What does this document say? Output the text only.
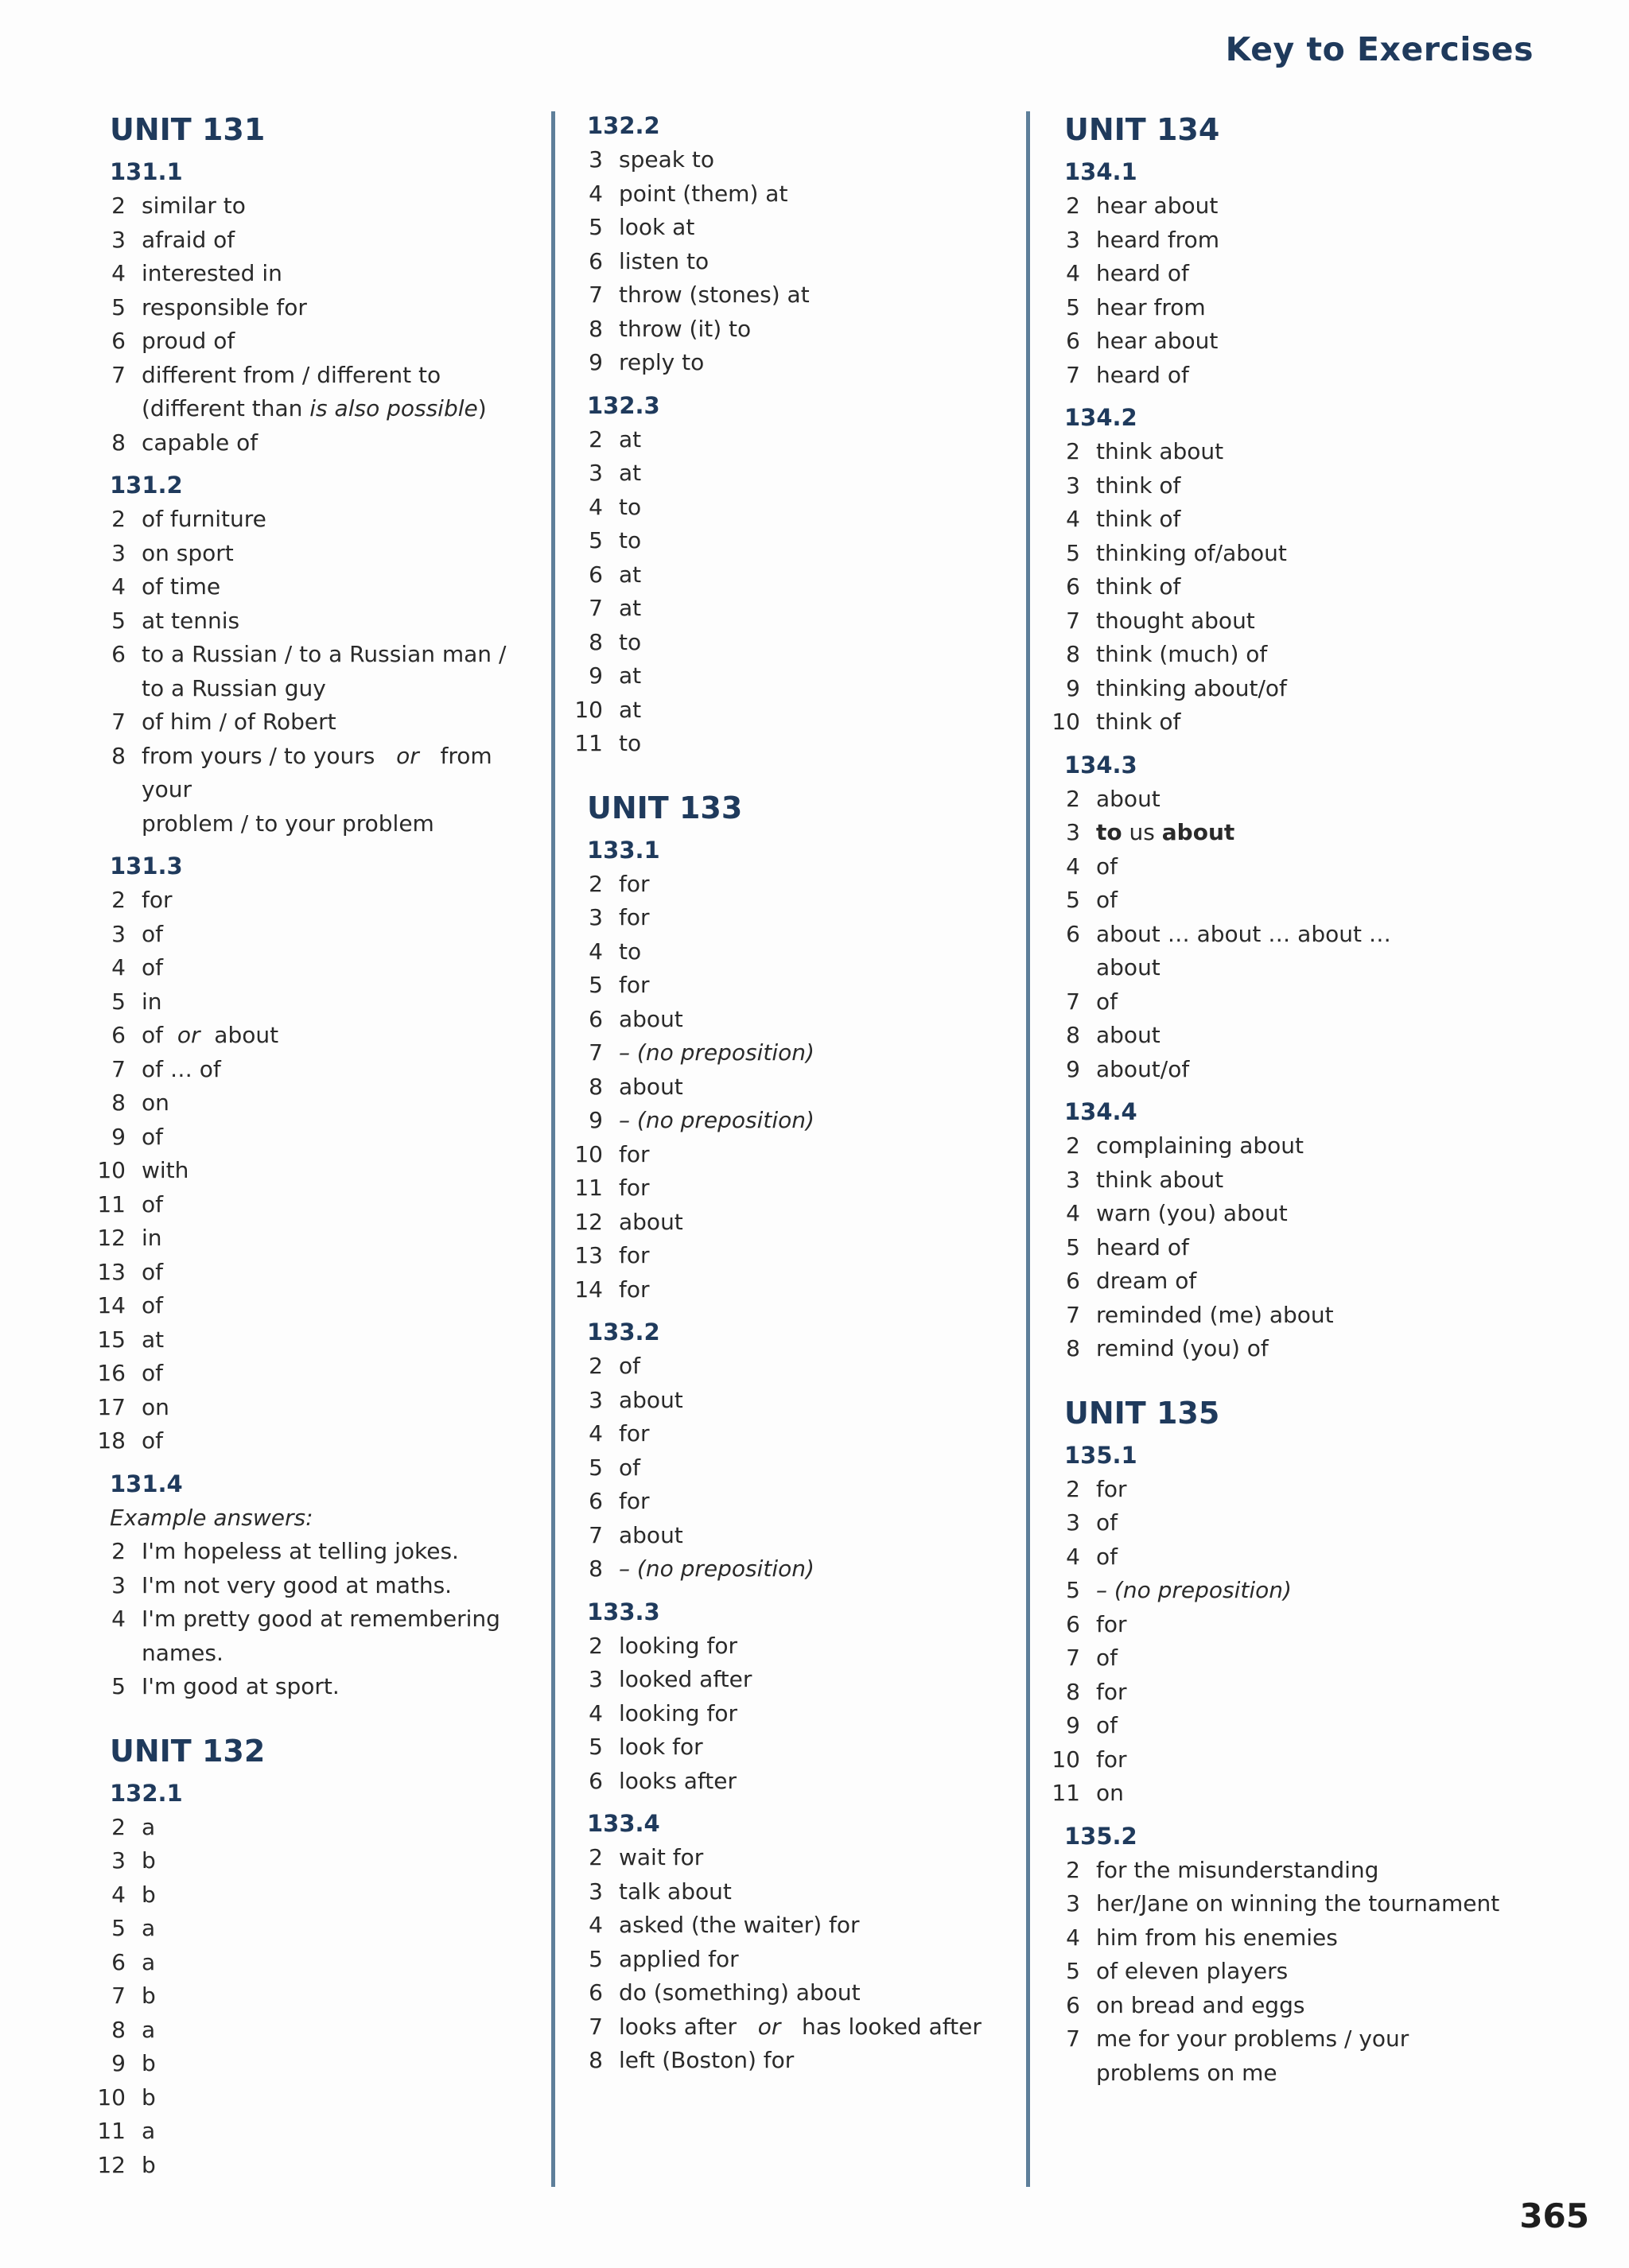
Key to Exercises
UNIT 131
131.1
2 similar to
3 afraid of
4 interested in
5 responsible for
6 proud of
7 different from / different to
(different than is also possible)
8 capable of
131.2
2 of furniture
3 on sport
4 of time
5 at tennis
6 to a Russian / to a Russian man /
to a Russian guy
7 of him / of Robert
8 from yours / to yours or from your
problem / to your problem
131.3
2 for
3 of
4 of
5 in
6 of or about
7 of … of
8 on
9 of
10 with
11 of
12 in
13 of
14 of
15 at
16 of
17 on
18 of
131.4
Example answers:
2 I'm hopeless at telling jokes.
3 I'm not very good at maths.
4 I'm pretty good at remembering
names.
5 I'm good at sport.
UNIT 132
132.1
2 a
3 b
4 b
5 a
6 a
7 b
8 a
9 b
10 b
11 a
12 b
132.2
3 speak to
4 point (them) at
5 look at
6 listen to
7 throw (stones) at
8 throw (it) to
9 reply to
132.3
2 at
3 at
4 to
5 to
6 at
7 at
8 to
9 at
10 at
11 to
UNIT 133
133.1
2 for
3 for
4 to
5 for
6 about
7 – (no preposition)
8 about
9 – (no preposition)
10 for
11 for
12 about
13 for
14 for
133.2
2 of
3 about
4 for
5 of
6 for
7 about
8 – (no preposition)
133.3
2 looking for
3 looked after
4 looking for
5 look for
6 looks after
133.4
2 wait for
3 talk about
4 asked (the waiter) for
5 applied for
6 do (something) about
7 looks after or has looked after
8 left (Boston) for
UNIT 134
134.1
2 hear about
3 heard from
4 heard of
5 hear from
6 hear about
7 heard of
134.2
2 think about
3 think of
4 think of
5 thinking of/about
6 think of
7 thought about
8 think (much) of
9 thinking about/of
10 think of
134.3
2 about
3 to us about
4 of
5 of
6 about … about … about …
about
7 of
8 about
9 about/of
134.4
2 complaining about
3 think about
4 warn (you) about
5 heard of
6 dream of
7 reminded (me) about
8 remind (you) of
UNIT 135
135.1
2 for
3 of
4 of
5 – (no preposition)
6 for
7 of
8 for
9 of
10 for
11 on
135.2
2 for the misunderstanding
3 her/Jane on winning the tournament
4 him from his enemies
5 of eleven players
6 on bread and eggs
7 me for your problems / your
problems on me
365
